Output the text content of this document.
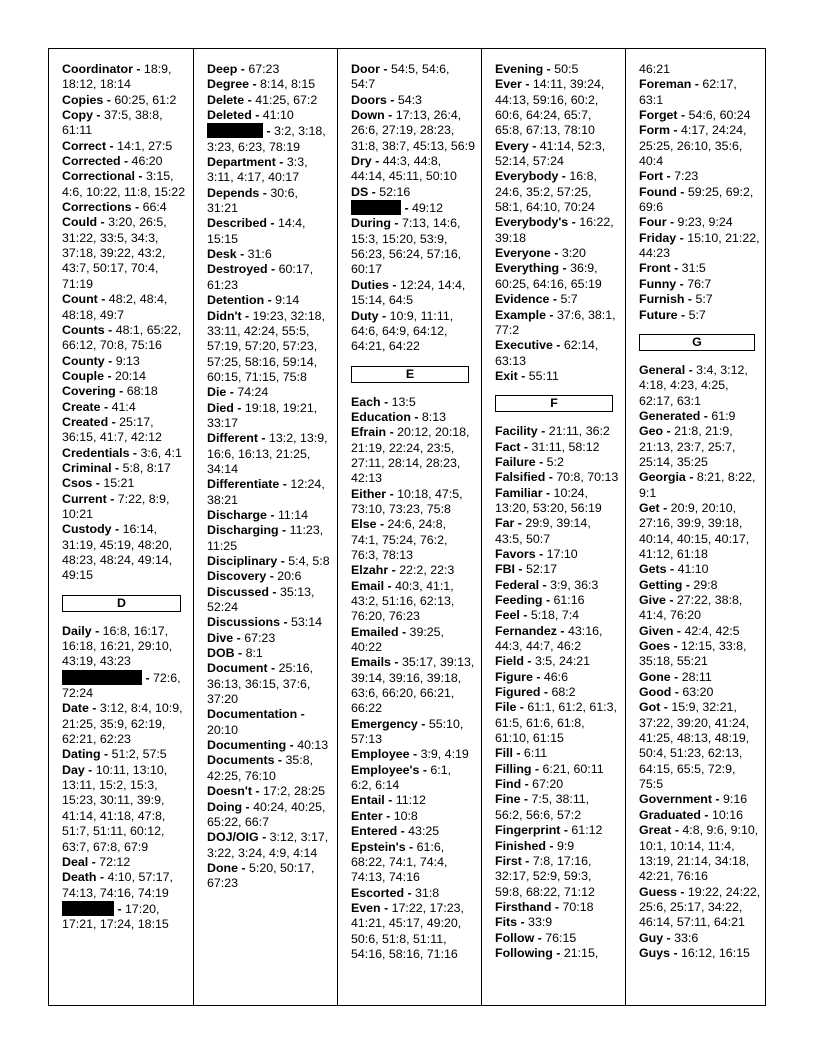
Coordinator - 18:9, 18:12, 18:14

Copies - 60:25, 61:2

Copy - 37:5, 38:8, 61:11

Correct - 14:1, 27:5

Corrected - 46:20

Correctional - 3:15, 4:6, 10:22, 11:8, 15:22

Corrections - 66:4

Could - 3:20, 26:5, 31:22, 33:5, 34:3, 37:18, 39:22, 43:2, 43:7, 50:17, 70:4, 71:19

Count - 48:2, 48:4, 48:18, 49:7

Counts - 48:1, 65:22, 66:12, 70:8, 75:16

County - 9:13

Couple - 20:14

Covering - 68:18

Create - 41:4

Created - 25:17, 36:15, 41:7, 42:12

Credentials - 3:6, 4:1

Criminal - 5:8, 8:17

Csos - 15:21

Current - 7:22, 8:9, 10:21

Custody - 16:14, 31:19, 45:19, 48:20, 48:23, 48:24, 49:14, 49:15

D

Daily - 16:8, 16:17, 16:18, 16:21, 29:10, 43:19, 43:23

- 72:6, 72:24

Date - 3:12, 8:4, 10:9, 21:25, 35:9, 62:19, 62:21, 62:23

Dating - 51:2, 57:5

Day - 10:11, 13:10, 13:11, 15:2, 15:3, 15:23, 30:11, 39:9, 41:14, 41:18, 47:8, 51:7, 51:11, 60:12, 63:7, 67:8, 67:9

Deal - 72:12

Death - 4:10, 57:17, 74:13, 74:16, 74:19

- 17:20, 17:21, 17:24, 18:15

Deep - 67:23

Degree - 8:14, 8:15

Delete - 41:25, 67:2

Deleted - 41:10

- 3:2, 3:18, 3:23, 6:23, 78:19

Department - 3:3, 3:11, 4:17, 40:17

Depends - 30:6, 31:21

Described - 14:4, 15:15

Desk - 31:6

Destroyed - 60:17, 61:23

Detention - 9:14

Didn't - 19:23, 32:18, 33:11, 42:24, 55:5, 57:19, 57:20, 57:23, 57:25, 58:16, 59:14, 60:15, 71:15, 75:8

Die - 74:24

Died - 19:18, 19:21, 33:17

Different - 13:2, 13:9, 16:6, 16:13, 21:25, 34:14

Differentiate - 12:24, 38:21

Discharge - 11:14

Discharging - 11:23, 11:25

Disciplinary - 5:4, 5:8

Discovery - 20:6

Discussed - 35:13, 52:24

Discussions - 53:14

Dive - 67:23

DOB - 8:1

Document - 25:16, 36:13, 36:15, 37:6, 37:20

Documentation - 20:10

Documenting - 40:13

Documents - 35:8, 42:25, 76:10

Doesn't - 17:2, 28:25

Doing - 40:24, 40:25, 65:22, 66:7

DOJ/OIG - 3:12, 3:17, 3:22, 3:24, 4:9, 4:14

Done - 5:20, 50:17, 67:23

Door - 54:5, 54:6, 54:7

Doors - 54:3

Down - 17:13, 26:4, 26:6, 27:19, 28:23, 31:8, 38:7, 45:13, 56:9

Dry - 44:3, 44:8, 44:14, 45:11, 50:10

DS - 52:16

- 49:12

During - 7:13, 14:6, 15:3, 15:20, 53:9, 56:23, 56:24, 57:16, 60:17

Duties - 12:24, 14:4, 15:14, 64:5

Duty - 10:9, 11:11, 64:6, 64:9, 64:12, 64:21, 64:22

E

Each - 13:5

Education - 8:13

Efrain - 20:12, 20:18, 21:19, 22:24, 23:5, 27:11, 28:14, 28:23, 42:13

Either - 10:18, 47:5, 73:10, 73:23, 75:8

Else - 24:6, 24:8, 74:1, 75:24, 76:2, 76:3, 78:13

Elzahr - 22:2, 22:3

Email - 40:3, 41:1, 43:2, 51:16, 62:13, 76:20, 76:23

Emailed - 39:25, 40:22

Emails - 35:17, 39:13, 39:14, 39:16, 39:18, 63:6, 66:20, 66:21, 66:22

Emergency - 55:10, 57:13

Employee - 3:9, 4:19

Employee's - 6:1, 6:2, 6:14

Entail - 11:12

Enter - 10:8

Entered - 43:25

Epstein's - 61:6, 68:22, 74:1, 74:4, 74:13, 74:16

Escorted - 31:8

Even - 17:22, 17:23, 41:21, 45:17, 49:20, 50:6, 51:8, 51:11, 54:16, 58:16, 71:16

Evening - 50:5

Ever - 14:11, 39:24, 44:13, 59:16, 60:2, 60:6, 64:24, 65:7, 65:8, 67:13, 78:10

Every - 41:14, 52:3, 52:14, 57:24

Everybody - 16:8, 24:6, 35:2, 57:25, 58:1, 64:10, 70:24

Everybody's - 16:22, 39:18

Everyone - 3:20

Everything - 36:9, 60:25, 64:16, 65:19

Evidence - 5:7

Example - 37:6, 38:1, 77:2

Executive - 62:14, 63:13

Exit - 55:11

F

Facility - 21:11, 36:2

Fact - 31:11, 58:12

Failure - 5:2

Falsified - 70:8, 70:13

Familiar - 10:24, 13:20, 53:20, 56:19

Far - 29:9, 39:14, 43:5, 50:7

Favors - 17:10

FBI - 52:17

Federal - 3:9, 36:3

Feeding - 61:16

Feel - 5:18, 7:4

Fernandez - 43:16, 44:3, 44:7, 46:2

Field - 3:5, 24:21

Figure - 46:6

Figured - 68:2

File - 61:1, 61:2, 61:3, 61:5, 61:6, 61:8, 61:10, 61:15

Fill - 6:11

Filling - 6:21, 60:11

Find - 67:20

Fine - 7:5, 38:11, 56:2, 56:6, 57:2

Fingerprint - 61:12

Finished - 9:9

First - 7:8, 17:16, 32:17, 52:9, 59:3, 59:8, 68:22, 71:12

Firsthand - 70:18

Fits - 33:9

Follow - 76:15

Following - 21:15,

46:21

Foreman - 62:17, 63:1

Forget - 54:6, 60:24

Form - 4:17, 24:24, 25:25, 26:10, 35:6, 40:4

Fort - 7:23

Found - 59:25, 69:2, 69:6

Four - 9:23, 9:24

Friday - 15:10, 21:22, 44:23

Front - 31:5

Funny - 76:7

Furnish - 5:7

Future - 5:7

G

General - 3:4, 3:12, 4:18, 4:23, 4:25, 62:17, 63:1

Generated - 61:9

Geo - 21:8, 21:9, 21:13, 23:7, 25:7, 25:14, 35:25

Georgia - 8:21, 8:22, 9:1

Get - 20:9, 20:10, 27:16, 39:9, 39:18, 40:14, 40:15, 40:17, 41:12, 61:18

Gets - 41:10

Getting - 29:8

Give - 27:22, 38:8, 41:4, 76:20

Given - 42:4, 42:5

Goes - 12:15, 33:8, 35:18, 55:21

Gone - 28:11

Good - 63:20

Got - 15:9, 32:21, 37:22, 39:20, 41:24, 41:25, 48:13, 48:19, 50:4, 51:23, 62:13, 64:15, 65:5, 72:9, 75:5

Government - 9:16

Graduated - 10:16

Great - 4:8, 9:6, 9:10, 10:1, 10:14, 11:4, 13:19, 21:14, 34:18, 42:21, 76:16

Guess - 19:22, 24:22, 25:6, 25:17, 34:22, 46:14, 57:11, 64:21

Guy - 33:6

Guys - 16:12, 16:15
